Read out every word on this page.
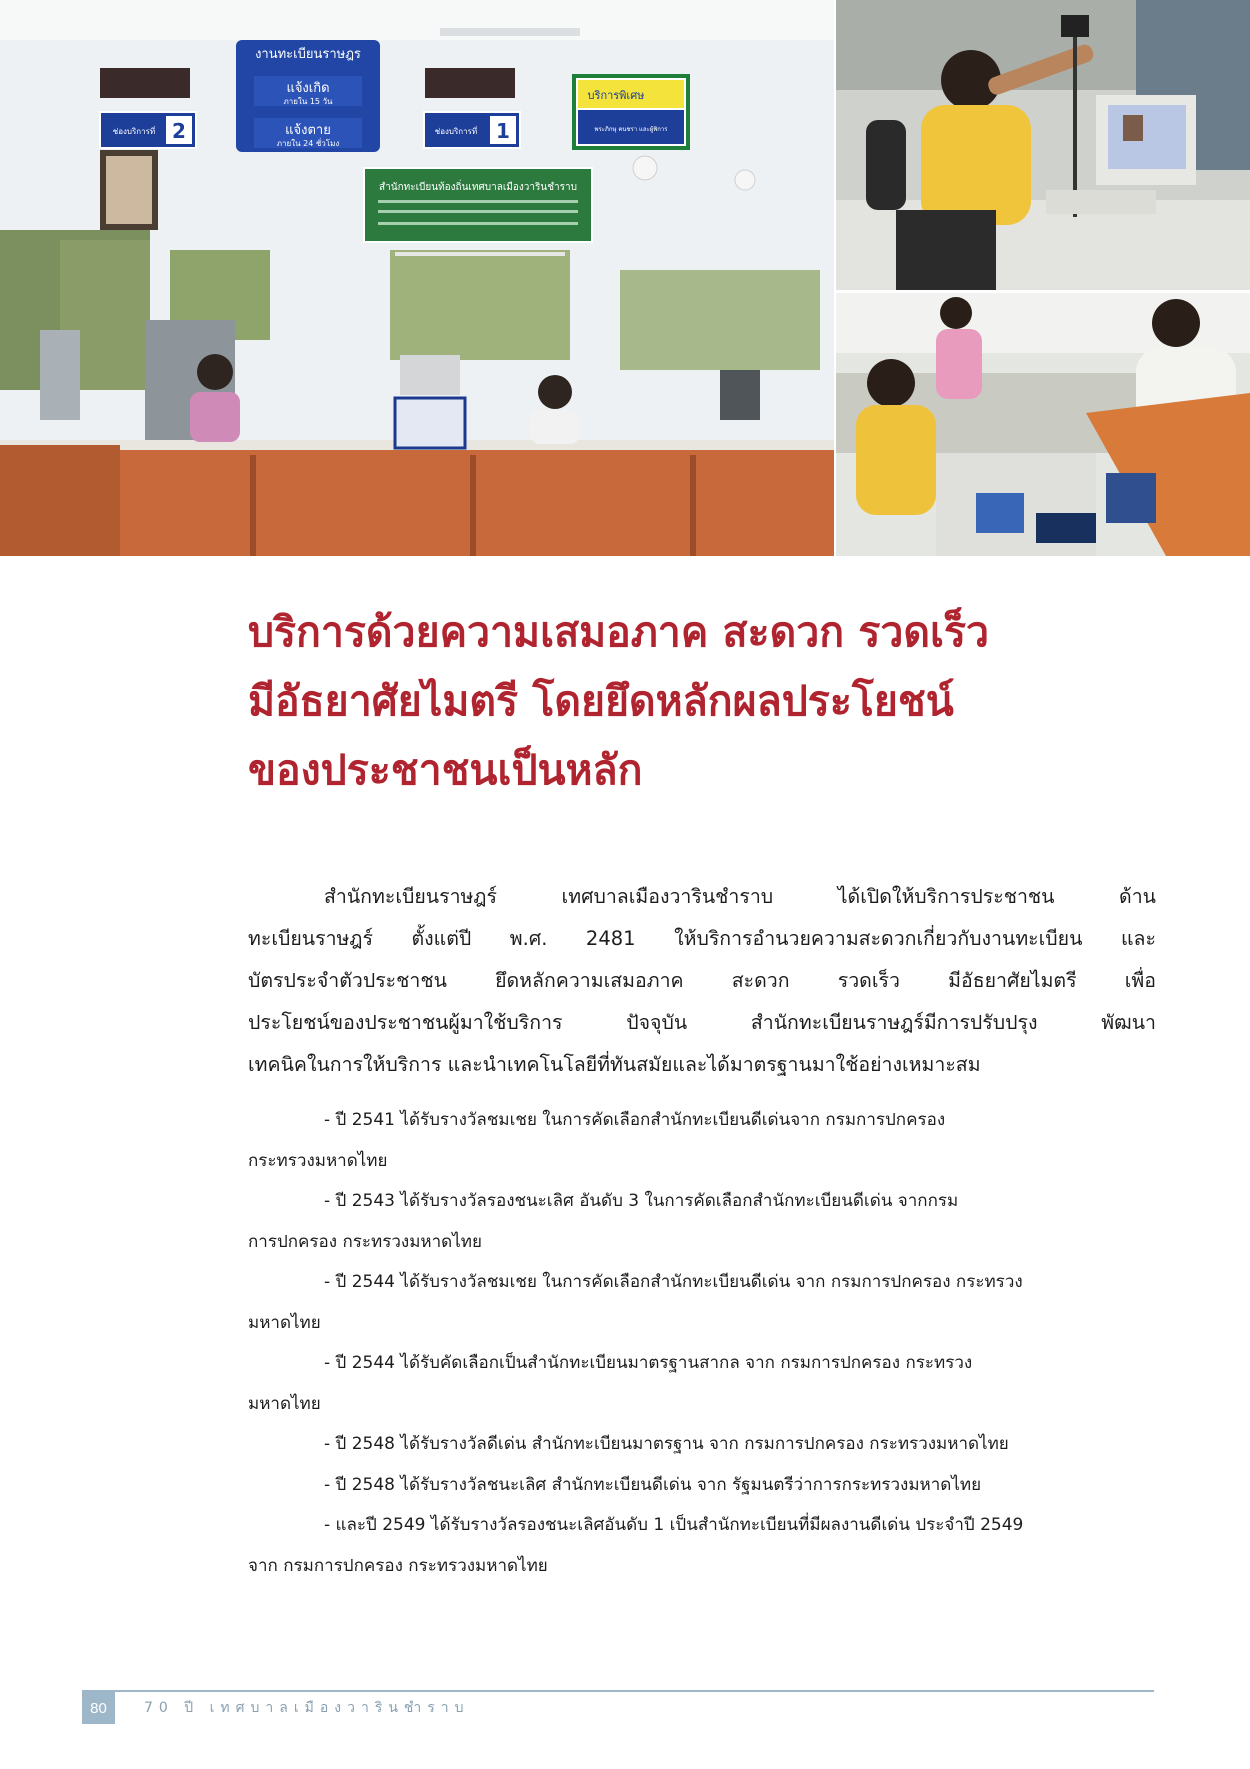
งานทะเบียนราษฎร
แจ้งเกิด
ภายใน 15 วัน
แจ้งตาย
ภายใน 24 ชั่วโมง
ช่องบริการที่ 2	ช่องบริการที่ 1
บริการพิเศษ
พระภิกษุ คนชรา และผู้พิการ
สำนักทะเบียนท้องถิ่นเทศบาลเมืองวารินชำราบ
บริการด้วยความเสมอภาค สะดวก รวดเร็ว
มีอัธยาศัยไมตรี โดยยึดหลักผลประโยชน์
ของประชาชนเป็นหลัก
สำนักทะเบียนราษฎร์	เทศบาลเมืองวารินชำราบ	ได้เปิดให้บริการประชาชน	ด้าน
ทะเบียนราษฎร์ ตั้งแต่ปี พ.ศ. 2481 ให้บริการอำนวยความสะดวกเกี่ยวกับงานทะเบียน และ
บัตรประจำตัวประชาชน ยึดหลักความเสมอภาค สะดวก รวดเร็ว มีอัธยาศัยไมตรี เพื่อ
ประโยชน์ของประชาชนผู้มาใช้บริการ	ปัจจุบัน	สำนักทะเบียนราษฎร์มีการปรับปรุง	พัฒนา
เทคนิคในการให้บริการ และนำเทคโนโลยีที่ทันสมัยและได้มาตรฐานมาใช้อย่างเหมาะสม
- ปี 2541 ได้รับรางวัลชมเชย ในการคัดเลือกสำนักทะเบียนดีเด่นจาก กรมการปกครอง
กระทรวงมหาดไทย
- ปี 2543 ได้รับรางวัลรองชนะเลิศ อันดับ 3 ในการคัดเลือกสำนักทะเบียนดีเด่น จากกรม
การปกครอง กระทรวงมหาดไทย
- ปี 2544 ได้รับรางวัลชมเชย ในการคัดเลือกสำนักทะเบียนดีเด่น จาก กรมการปกครอง กระทรวง
มหาดไทย
- ปี 2544 ได้รับคัดเลือกเป็นสำนักทะเบียนมาตรฐานสากล จาก กรมการปกครอง กระทรวง
มหาดไทย
- ปี 2548 ได้รับรางวัลดีเด่น สำนักทะเบียนมาตรฐาน จาก กรมการปกครอง กระทรวงมหาดไทย
- ปี 2548 ได้รับรางวัลชนะเลิศ สำนักทะเบียนดีเด่น จาก รัฐมนตรีว่าการกระทรวงมหาดไทย
- และปี 2549 ได้รับรางวัลรองชนะเลิศอันดับ 1 เป็นสำนักทะเบียนที่มีผลงานดีเด่น ประจำปี 2549
จาก กรมการปกครอง กระทรวงมหาดไทย
80	70 ปี เทศบาลเมืองวารินชำราบ
